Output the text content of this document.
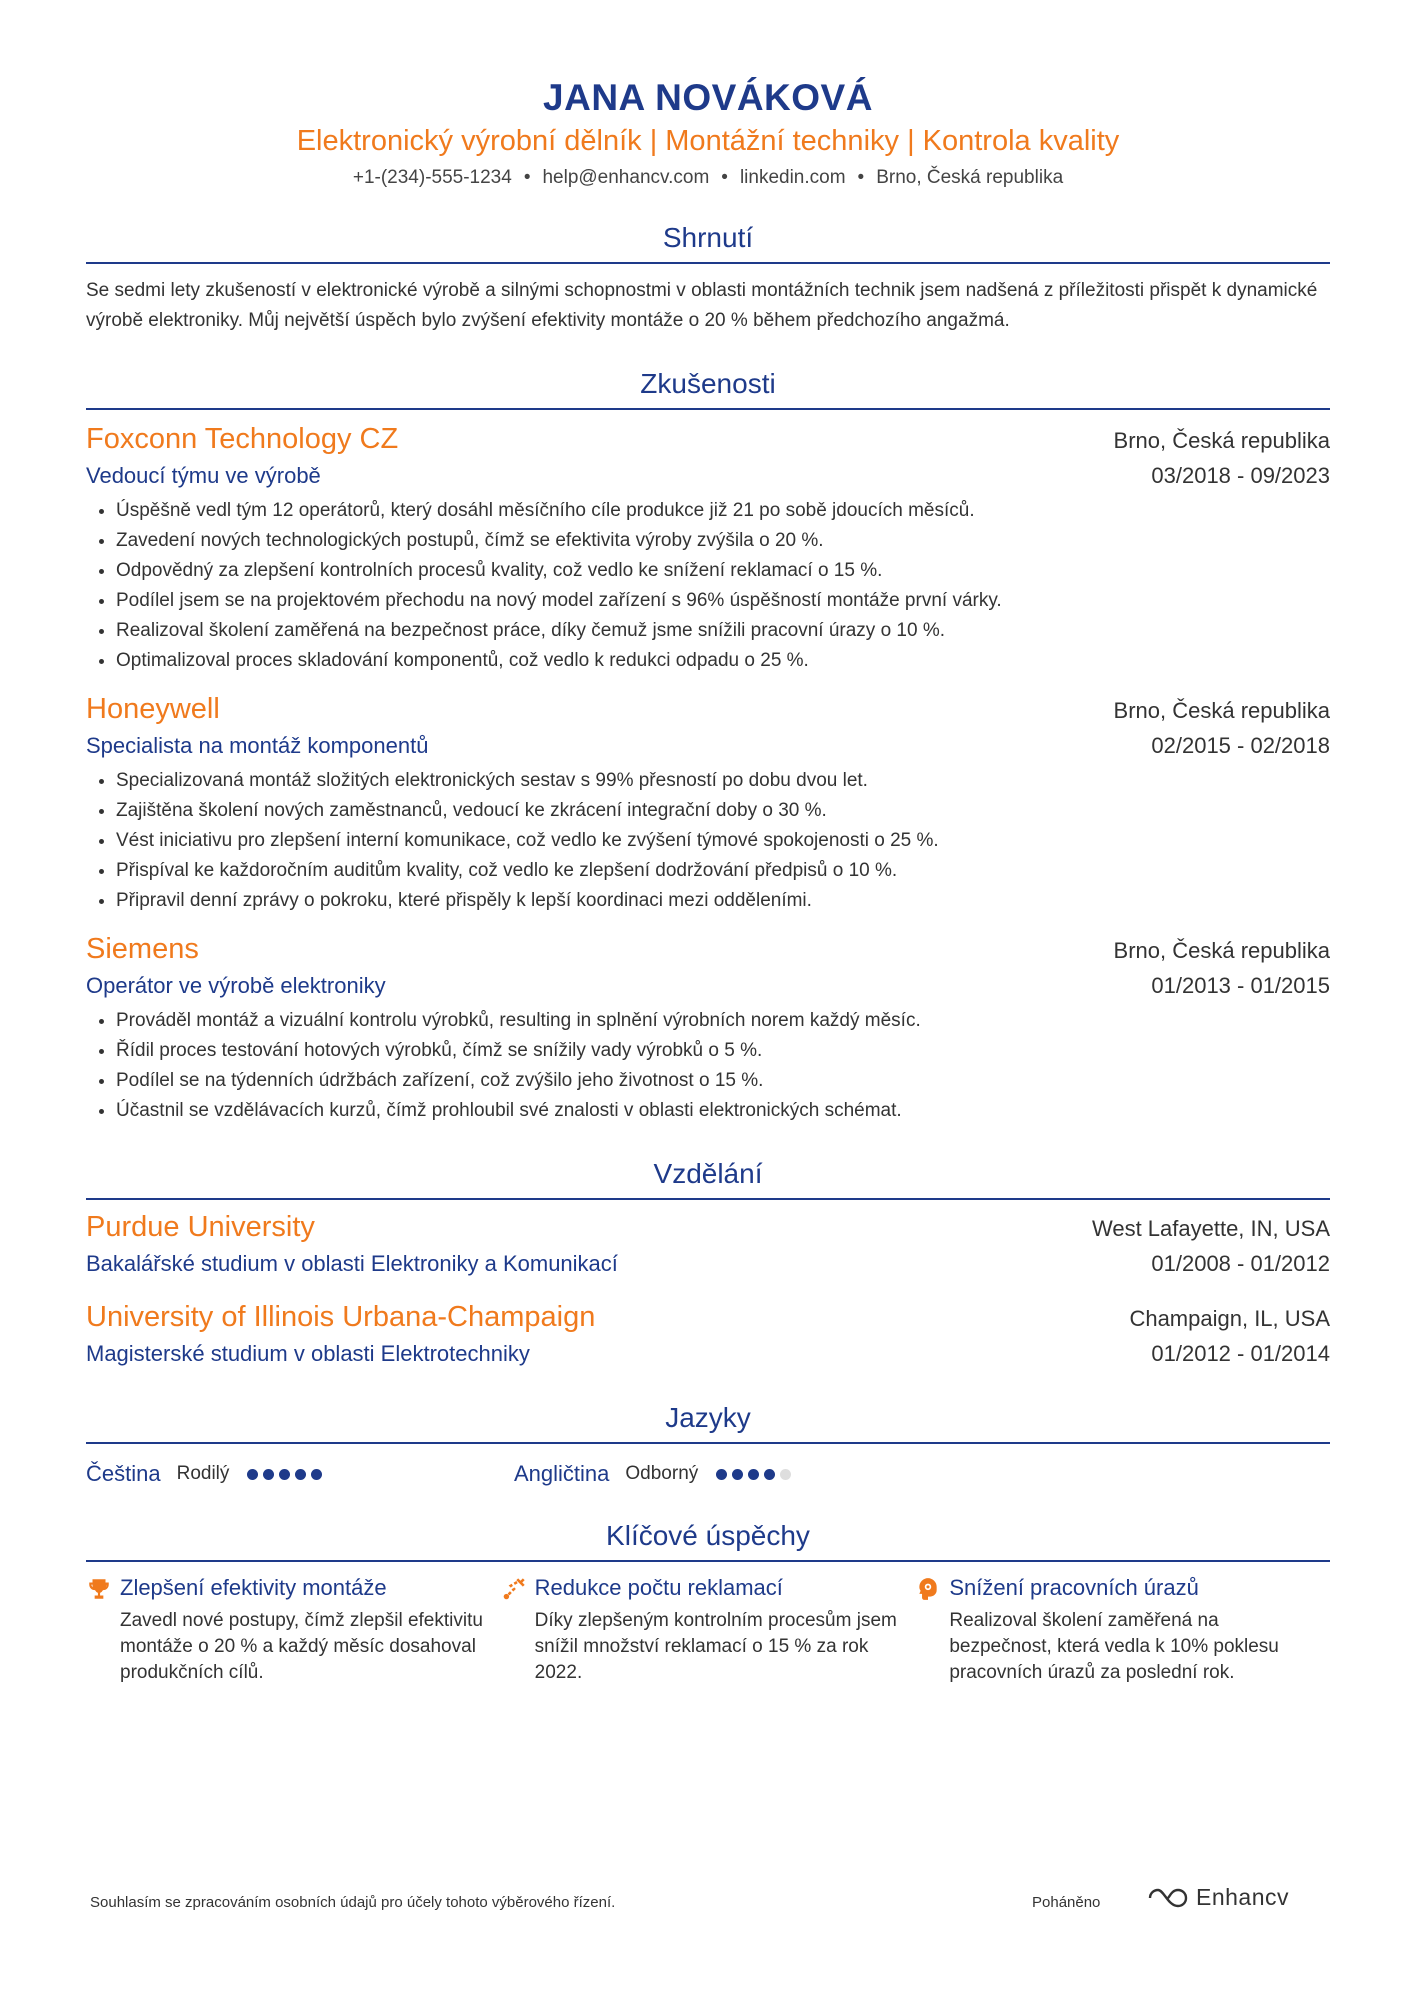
JANA NOVÁKOVÁ
Elektronický výrobní dělník | Montážní techniky | Kontrola kvality
+1-(234)-555-1234 • help@enhancv.com • linkedin.com • Brno, Česká republika
Shrnutí
Se sedmi lety zkušeností v elektronické výrobě a silnými schopnostmi v oblasti montážních technik jsem nadšená z příležitosti přispět k dynamické výrobě elektroniky. Můj největší úspěch bylo zvýšení efektivity montáže o 20 % během předchozího angažmá.
Zkušenosti
Foxconn Technology CZ	Brno, Česká republika
Vedoucí týmu ve výrobě	03/2018 - 09/2023
• Úspěšně vedl tým 12 operátorů, který dosáhl měsíčního cíle produkce již 21 po sobě jdoucích měsíců.
• Zavedení nových technologických postupů, čímž se efektivita výroby zvýšila o 20 %.
• Odpovědný za zlepšení kontrolních procesů kvality, což vedlo ke snížení reklamací o 15 %.
• Podílel jsem se na projektovém přechodu na nový model zařízení s 96% úspěšností montáže první várky.
• Realizoval školení zaměřená na bezpečnost práce, díky čemuž jsme snížili pracovní úrazy o 10 %.
• Optimalizoval proces skladování komponentů, což vedlo k redukci odpadu o 25 %.
Honeywell	Brno, Česká republika
Specialista na montáž komponentů	02/2015 - 02/2018
• Specializovaná montáž složitých elektronických sestav s 99% přesností po dobu dvou let.
• Zajištěna školení nových zaměstnanců, vedoucí ke zkrácení integrační doby o 30 %.
• Vést iniciativu pro zlepšení interní komunikace, což vedlo ke zvýšení týmové spokojenosti o 25 %.
• Přispíval ke každoročním auditům kvality, což vedlo ke zlepšení dodržování předpisů o 10 %.
• Připravil denní zprávy o pokroku, které přispěly k lepší koordinaci mezi odděleními.
Siemens	Brno, Česká republika
Operátor ve výrobě elektroniky	01/2013 - 01/2015
• Prováděl montáž a vizuální kontrolu výrobků, resulting in splnění výrobních norem každý měsíc.
• Řídil proces testování hotových výrobků, čímž se snížily vady výrobků o 5 %.
• Podílel se na týdenních údržbách zařízení, což zvýšilo jeho životnost o 15 %.
• Účastnil se vzdělávacích kurzů, čímž prohloubil své znalosti v oblasti elektronických schémat.
Vzdělání
Purdue University	West Lafayette, IN, USA
Bakalářské studium v oblasti Elektroniky a Komunikací	01/2008 - 01/2012
University of Illinois Urbana-Champaign	Champaign, IL, USA
Magisterské studium v oblasti Elektrotechniky	01/2012 - 01/2014
Jazyky
Čeština Rodilý	Angličtina Odborný
Klíčové úspěchy
Zlepšení efektivity montáže
Zavedl nové postupy, čímž zlepšil efektivitu montáže o 20 % a každý měsíc dosahoval produkčních cílů.
Redukce počtu reklamací
Díky zlepšeným kontrolním procesům jsem snížil množství reklamací o 15 % za rok 2022.
Snížení pracovních úrazů
Realizoval školení zaměřená na bezpečnost, která vedla k 10% poklesu pracovních úrazů za poslední rok.
Souhlasím se zpracováním osobních údajů pro účely tohoto výběrového řízení.	Poháněno	Enhancv
